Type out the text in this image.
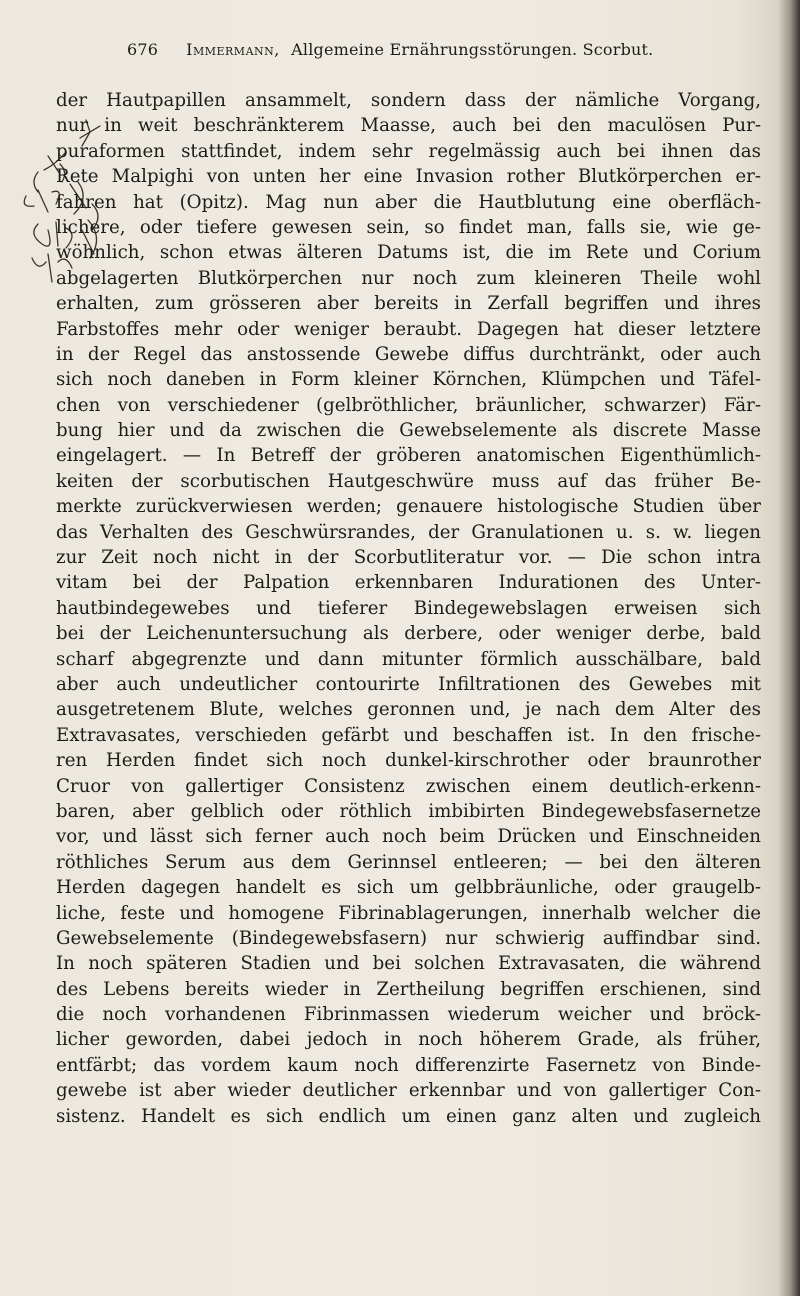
676 Immermann, Allgemeine Ernährungsstörungen. Scorbut.
der Hautpapillen ansammelt, sondern dass der nämliche Vorgang,
nur in weit beschränkterem Maasse, auch bei den maculösen Pur-
puraformen stattfindet, indem sehr regelmässig auch bei ihnen das
Rete Malpighi von unten her eine Invasion rother Blutkörperchen er-
fahren hat (Opitz). Mag nun aber die Hautblutung eine oberfläch-
lichere, oder tiefere gewesen sein, so findet man, falls sie, wie ge-
wöhnlich, schon etwas älteren Datums ist, die im Rete und Corium
abgelagerten Blutkörperchen nur noch zum kleineren Theile wohl
erhalten, zum grösseren aber bereits in Zerfall begriffen und ihres
Farbstoffes mehr oder weniger beraubt. Dagegen hat dieser letztere
in der Regel das anstossende Gewebe diffus durchtränkt, oder auch
sich noch daneben in Form kleiner Körnchen, Klümpchen und Täfel-
chen von verschiedener (gelbröthlicher, bräunlicher, schwarzer) Fär-
bung hier und da zwischen die Gewebselemente als discrete Masse
eingelagert. — In Betreff der gröberen anatomischen Eigenthümlich-
keiten der scorbutischen Hautgeschwüre muss auf das früher Be-
merkte zurückverwiesen werden; genauere histologische Studien über
das Verhalten des Geschwürsrandes, der Granulationen u. s. w. liegen
zur Zeit noch nicht in der Scorbutliteratur vor. — Die schon intra
vitam bei der Palpation erkennbaren Indurationen des Unter-
hautbindegewebes und tieferer Bindegewebslagen erweisen sich
bei der Leichenuntersuchung als derbere, oder weniger derbe, bald
scharf abgegrenzte und dann mitunter förmlich ausschälbare, bald
aber auch undeutlicher contourirte Infiltrationen des Gewebes mit
ausgetretenem Blute, welches geronnen und, je nach dem Alter des
Extravasates, verschieden gefärbt und beschaffen ist. In den frische-
ren Herden findet sich noch dunkel-kirschrother oder braunrother
Cruor von gallertiger Consistenz zwischen einem deutlich-erkenn-
baren, aber gelblich oder röthlich imbibirten Bindegewebsfasernetze
vor, und lässt sich ferner auch noch beim Drücken und Einschneiden
röthliches Serum aus dem Gerinnsel entleeren; — bei den älteren
Herden dagegen handelt es sich um gelbbräunliche, oder graugelb-
liche, feste und homogene Fibrinablagerungen, innerhalb welcher die
Gewebselemente (Bindegewebsfasern) nur schwierig auffindbar sind.
In noch späteren Stadien und bei solchen Extravasaten, die während
des Lebens bereits wieder in Zertheilung begriffen erschienen, sind
die noch vorhandenen Fibrinmassen wiederum weicher und bröck-
licher geworden, dabei jedoch in noch höherem Grade, als früher,
entfärbt; das vordem kaum noch differenzirte Fasernetz von Binde-
gewebe ist aber wieder deutlicher erkennbar und von gallertiger Con-
sistenz. Handelt es sich endlich um einen ganz alten und zugleich
